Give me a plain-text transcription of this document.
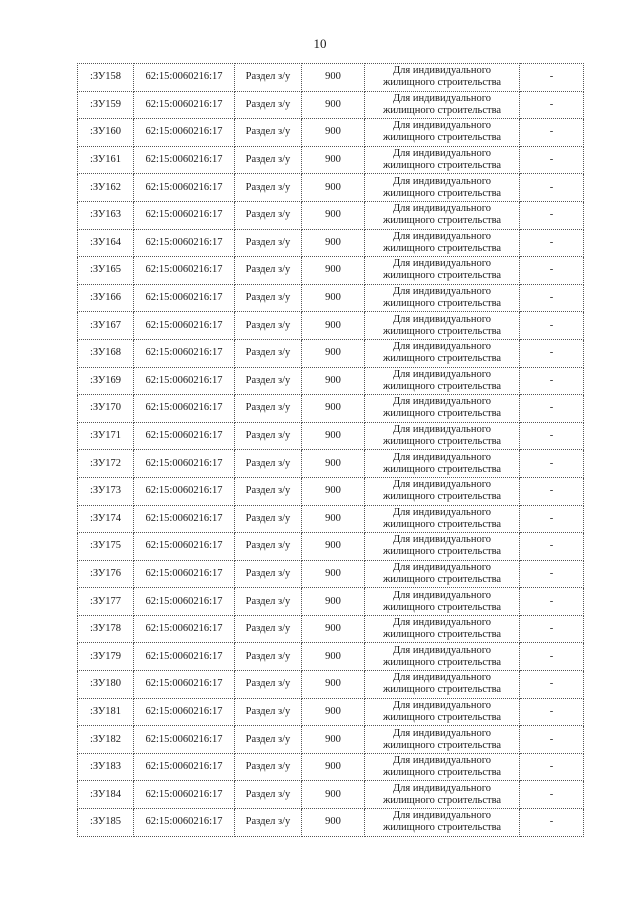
10
:ЗУ158	62:15:0060216:17	Раздел з/у	900	Для индивидуального
жилищного строительства	-
:ЗУ159	62:15:0060216:17	Раздел з/у	900	Для индивидуального
жилищного строительства	-
:ЗУ160	62:15:0060216:17	Раздел з/у	900	Для индивидуального
жилищного строительства	-
:ЗУ161	62:15:0060216:17	Раздел з/у	900	Для индивидуального
жилищного строительства	-
:ЗУ162	62:15:0060216:17	Раздел з/у	900	Для индивидуального
жилищного строительства	-
:ЗУ163	62:15:0060216:17	Раздел з/у	900	Для индивидуального
жилищного строительства	-
:ЗУ164	62:15:0060216:17	Раздел з/у	900	Для индивидуального
жилищного строительства	-
:ЗУ165	62:15:0060216:17	Раздел з/у	900	Для индивидуального
жилищного строительства	-
:ЗУ166	62:15:0060216:17	Раздел з/у	900	Для индивидуального
жилищного строительства	-
:ЗУ167	62:15:0060216:17	Раздел з/у	900	Для индивидуального
жилищного строительства	-
:ЗУ168	62:15:0060216:17	Раздел з/у	900	Для индивидуального
жилищного строительства	-
:ЗУ169	62:15:0060216:17	Раздел з/у	900	Для индивидуального
жилищного строительства	-
:ЗУ170	62:15:0060216:17	Раздел з/у	900	Для индивидуального
жилищного строительства	-
:ЗУ171	62:15:0060216:17	Раздел з/у	900	Для индивидуального
жилищного строительства	-
:ЗУ172	62:15:0060216:17	Раздел з/у	900	Для индивидуального
жилищного строительства	-
:ЗУ173	62:15:0060216:17	Раздел з/у	900	Для индивидуального
жилищного строительства	-
:ЗУ174	62:15:0060216:17	Раздел з/у	900	Для индивидуального
жилищного строительства	-
:ЗУ175	62:15:0060216:17	Раздел з/у	900	Для индивидуального
жилищного строительства	-
:ЗУ176	62:15:0060216:17	Раздел з/у	900	Для индивидуального
жилищного строительства	-
:ЗУ177	62:15:0060216:17	Раздел з/у	900	Для индивидуального
жилищного строительства	-
:ЗУ178	62:15:0060216:17	Раздел з/у	900	Для индивидуального
жилищного строительства	-
:ЗУ179	62:15:0060216:17	Раздел з/у	900	Для индивидуального
жилищного строительства	-
:ЗУ180	62:15:0060216:17	Раздел з/у	900	Для индивидуального
жилищного строительства	-
:ЗУ181	62:15:0060216:17	Раздел з/у	900	Для индивидуального
жилищного строительства	-
:ЗУ182	62:15:0060216:17	Раздел з/у	900	Для индивидуального
жилищного строительства	-
:ЗУ183	62:15:0060216:17	Раздел з/у	900	Для индивидуального
жилищного строительства	-
:ЗУ184	62:15:0060216:17	Раздел з/у	900	Для индивидуального
жилищного строительства	-
:ЗУ185	62:15:0060216:17	Раздел з/у	900	Для индивидуального
жилищного строительства	-
